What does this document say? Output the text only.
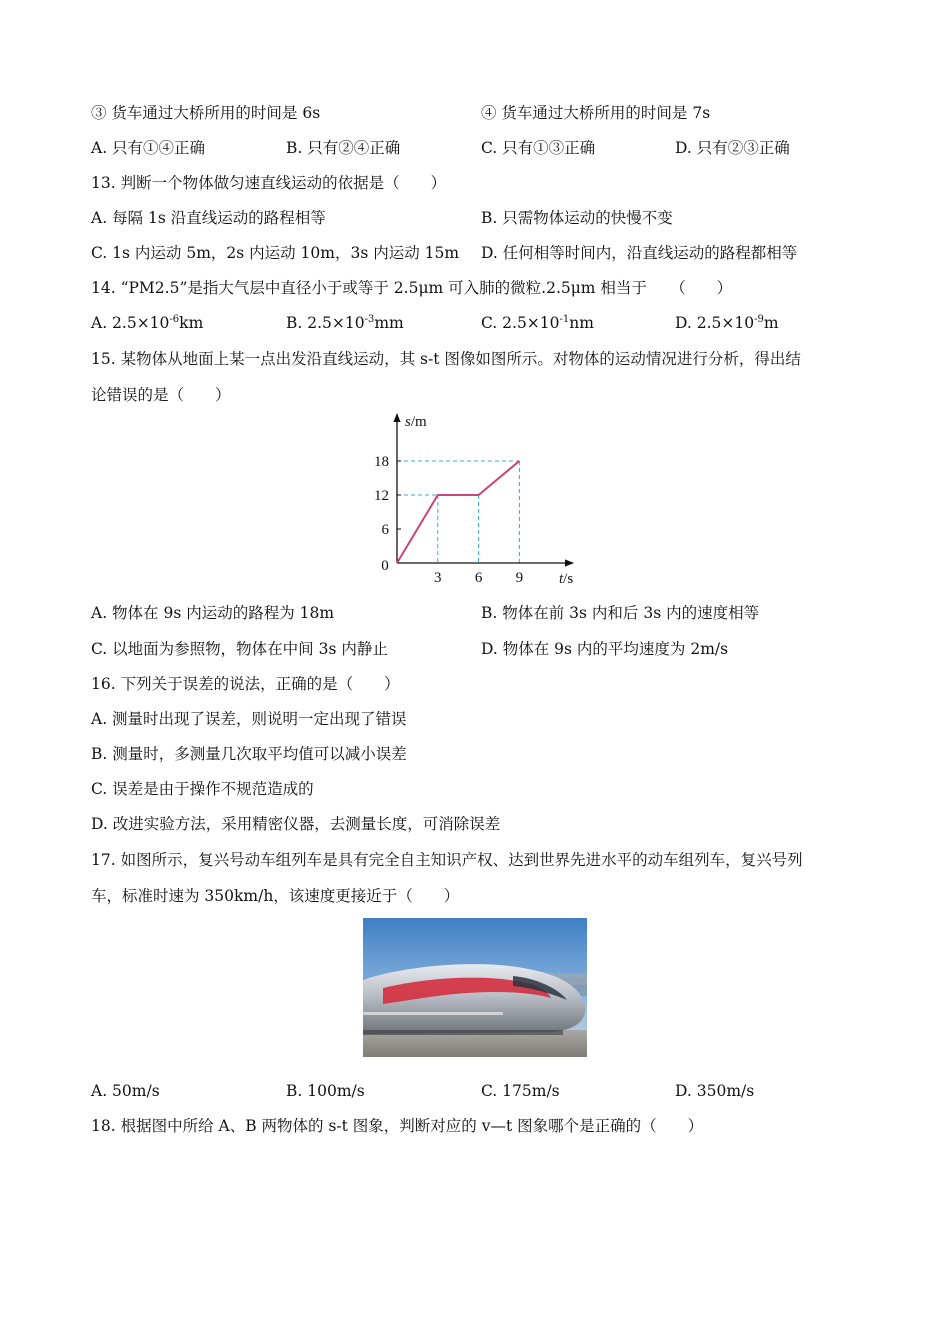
③ 货车通过大桥所用的时间是 6s	④ 货车通过大桥所用的时间是 7s
A. 只有①④正确	B. 只有②④正确	C. 只有①③正确	D. 只有②③正确
13. 判断一个物体做匀速直线运动的依据是（　　）
A. 每隔 1s 沿直线运动的路程相等	B. 只需物体运动的快慢不变
C. 1s 内运动 5m，2s 内运动 10m，3s 内运动 15m D. 任何相等时间内，沿直线运动的路程都相等
14. “PM2.5”是指大气层中直径小于或等于 2.5μm 可入肺的微粒.2.5μm 相当于　　（　　）
A. $2.5\times 10^{-6}km$	B. $2.5\times 10^{-3}mm$	C. $2.5\times 10^{-1}nm$	D. $2.5\times 10^{-9}m$
15. 某物体从地面上某一点出发沿直线运动，其 s-t 图像如图所示。对物体的运动情况进行分析，得出结
论错误的是（　　）
3 6 9
6
12
18
0
s/m
t/s
A. 物体在 9s 内运动的路程为 18m	B. 物体在前 3s 内和后 3s 内的速度相等
C. 以地面为参照物，物体在中间 3s 内静止	D. 物体在 9s 内的平均速度为 2m/s
16. 下列关于误差的说法，正确的是（　　）
A. 测量时出现了误差，则说明一定出现了错误
B. 测量时，多测量几次取平均值可以减小误差
C. 误差是由于操作不规范造成的
D. 改进实验方法，采用精密仪器，去测量长度，可消除误差
17. 如图所示，复兴号动车组列车是具有完全自主知识产权、达到世界先进水平的动车组列车，复兴号列
车，标准时速为 350km/h，该速度更接近于（　　）
A. 50m/s	B. 100m/s	C. 175m/s	D. 350m/s
18. 根据图中所给 A、B 两物体的 s-t 图象，判断对应的 v—t 图象哪个是正确的（　　）
